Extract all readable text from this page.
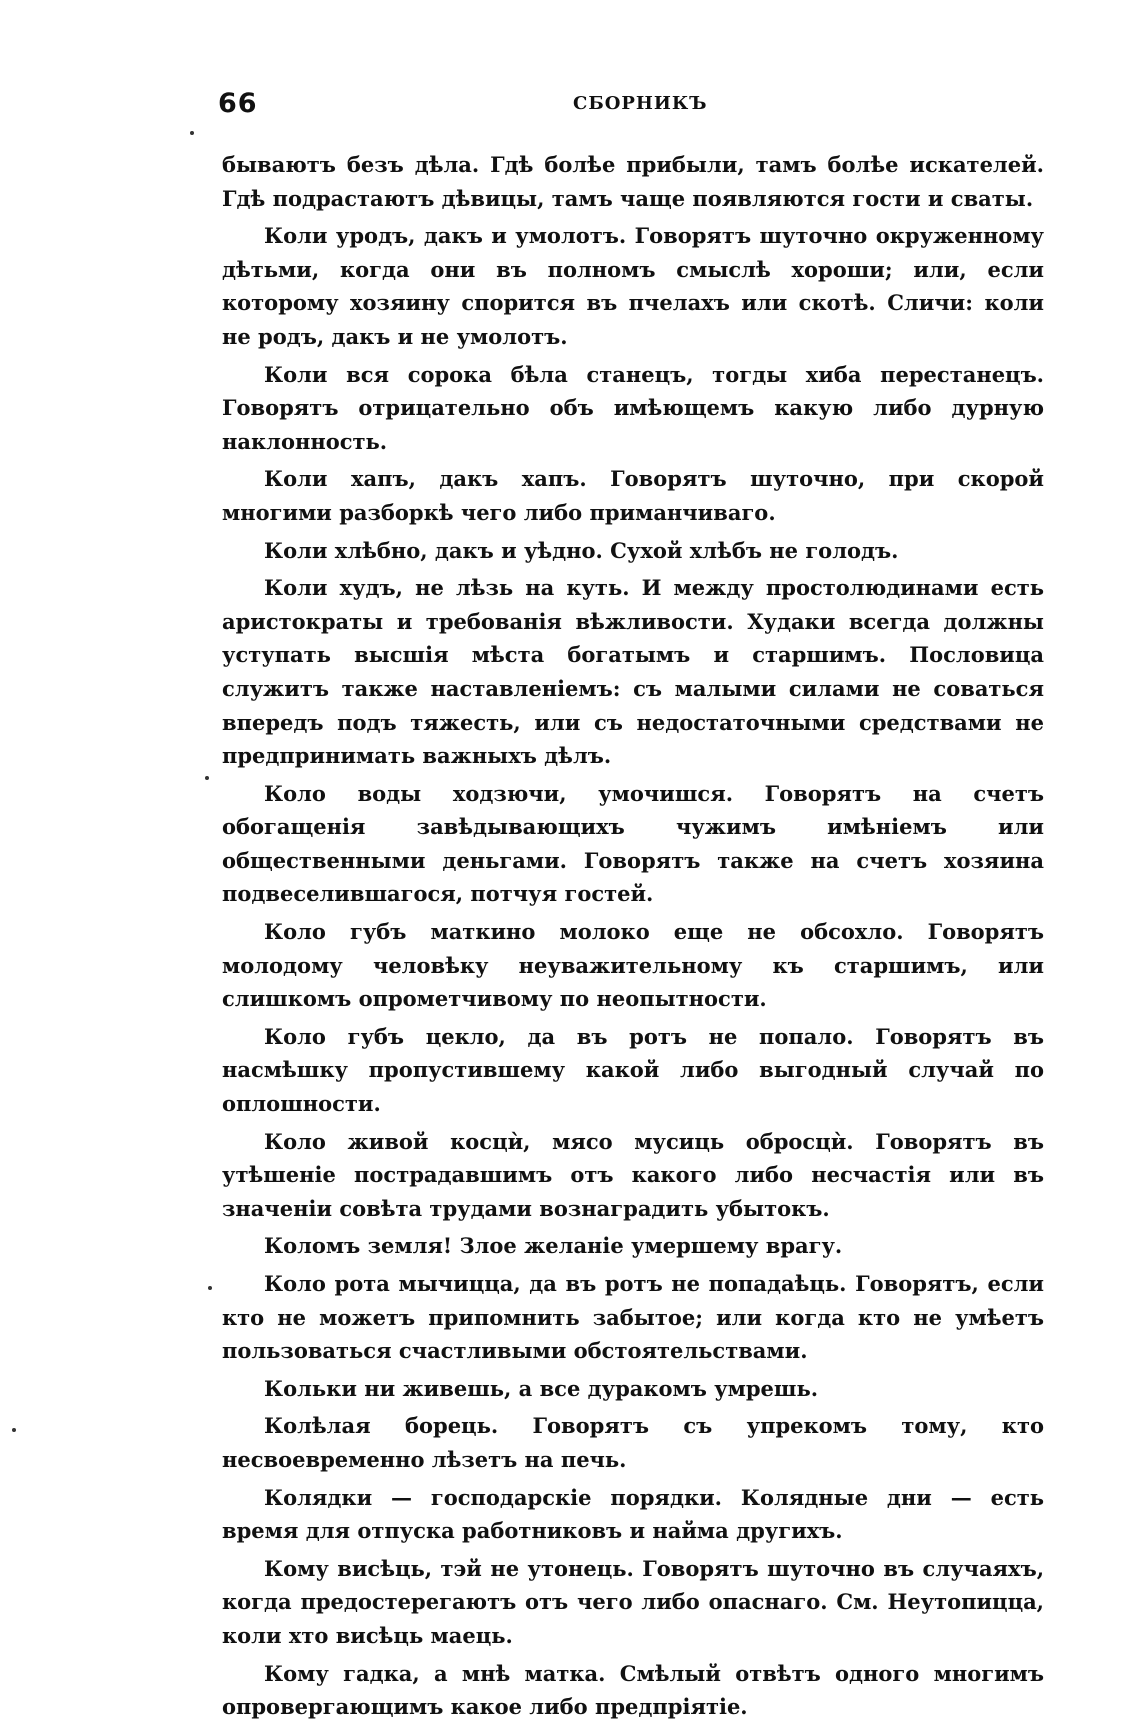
66	СБОРНИКЪ

бываютъ безъ дѣла. Гдѣ болѣе прибыли, тамъ болѣе искателей. Гдѣ подрастаютъ дѣвицы, тамъ чаще появляются гости и сваты.

Коли уродъ, дакъ и умолотъ. Говорятъ шуточно окруженному дѣтьми, когда они въ полномъ смыслѣ хороши; или, если которому хозяину спорится въ пчелахъ или скотѣ. Сличи: коли не родъ, дакъ и не умолотъ.

Коли вся сорока бѣла станецъ, тогды хиба перестанецъ. Говорятъ отрицательно объ имѣющемъ какую либо дурную наклонность.

Коли хапъ, дакъ хапъ. Говорятъ шуточно, при скорой многими разборкѣ чего либо приманчиваго.

Коли хлѣбно, дакъ и уѣдно. Сухой хлѣбъ не голодъ.

Коли худъ, не лѣзь на куть. И между простолюдинами есть аристократы и требованія вѣжливости. Худаки всегда должны уступать высшія мѣста богатымъ и старшимъ. Пословица служитъ также наставленіемъ: съ малыми силами не соваться впередъ подъ тяжесть, или съ недостаточными средствами не предпринимать важныхъ дѣлъ.

Коло воды ходзючи, умочишся. Говорятъ на счетъ обогащенія завѣдывающихъ чужимъ имѣніемъ или общественными деньгами. Говорятъ также на счетъ хозяина подвеселившагося, потчуя гостей.

Коло губъ маткино молоко еще не обсохло. Говорятъ молодому человѣку неуважительному къ старшимъ, или слишкомъ опрометчивому по неопытности.

Коло губъ цекло, да въ ротъ не попало. Говорятъ въ насмѣшку пропустившему какой либо выгодный случай по оплошности.

Коло живой косцѝ, мясо мусиць обросцѝ. Говорятъ въ утѣшеніе пострадавшимъ отъ какого либо несчастія или въ значеніи совѣта трудами вознаградить убытокъ.

Коломъ земля! Злое желаніе умершему врагу.

Коло рота мычицца, да въ ротъ не попадаѣць. Говорятъ, если кто не можетъ припомнить забытое; или когда кто не умѣетъ пользоваться счастливыми обстоятельствами.

Кольки ни живешь, а все дуракомъ умрешь.

Колѣлая борець. Говорятъ съ упрекомъ тому, кто несвоевременно лѣзетъ на печь.

Колядки — господарскіе порядки. Колядные дни — есть время для отпуска работниковъ и найма другихъ.

Кому висѣць, тэй не утонець. Говорятъ шуточно въ случаяхъ, когда предостерегаютъ отъ чего либо опаснаго. См. Неутопицца, коли хто висѣць маець.

Кому гадка, а мнѣ матка. Смѣлый отвѣтъ одного многимъ опровергающимъ какое либо предпріятіе.
